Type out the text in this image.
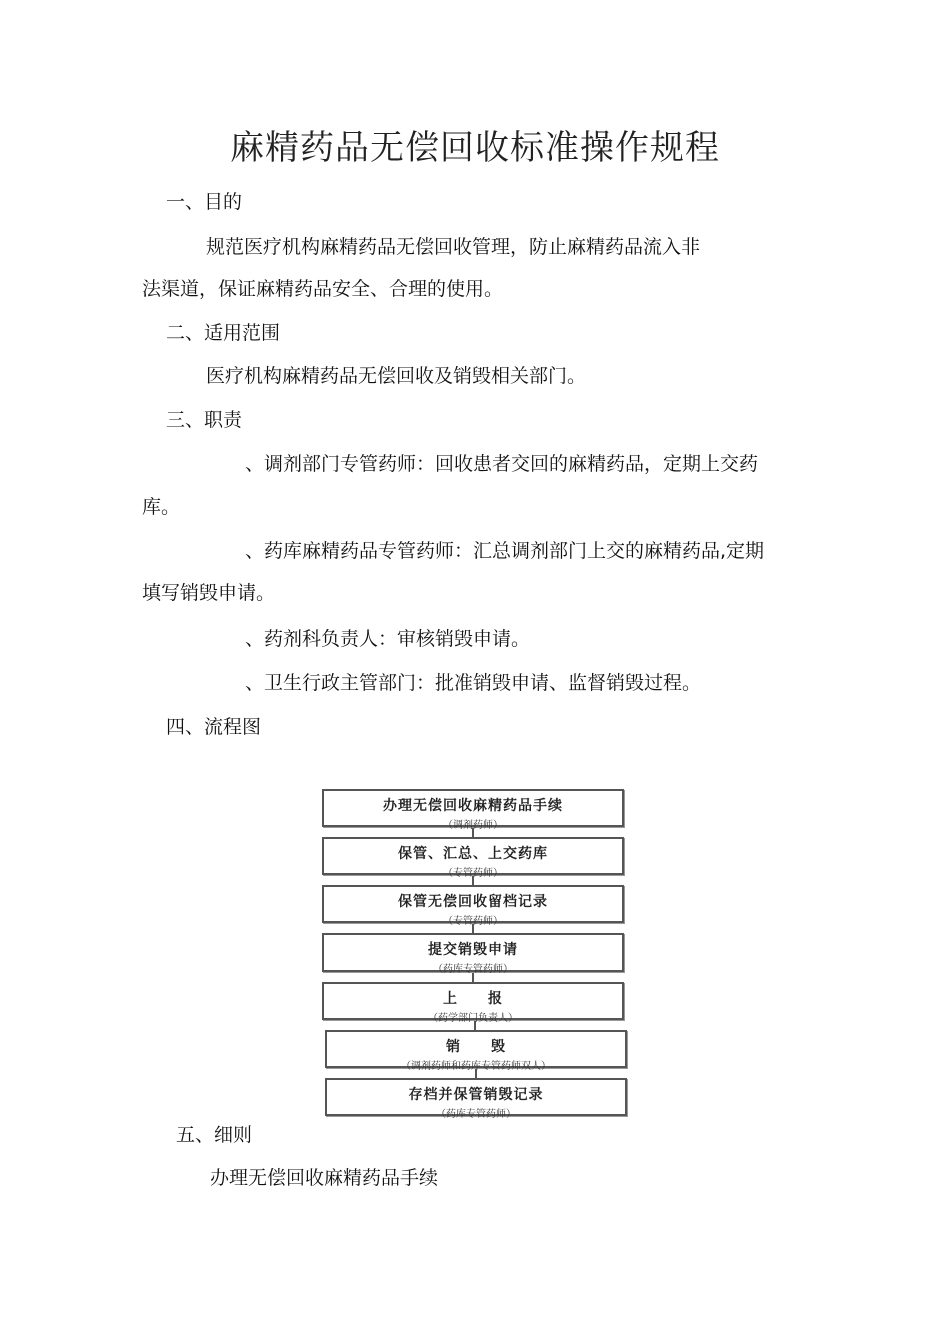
麻精药品无偿回收标准操作规程
一、目的
规范医疗机构麻精药品无偿回收管理，防止麻精药品流入非
法渠道，保证麻精药品安全、合理的使用。
二、适用范围
医疗机构麻精药品无偿回收及销毁相关部门。
三、职责
、调剂部门专管药师：回收患者交回的麻精药品，定期上交药
库。
、药库麻精药品专管药师：汇总调剂部门上交的麻精药品,定期
填写销毁申请。
、药剂科负责人：审核销毁申请。
、卫生行政主管部门：批准销毁申请、监督销毁过程。
四、流程图
办理无偿回收麻精药品手续
（调剂药师）
保管、汇总、上交药库
（专管药师）
保管无偿回收留档记录
（专管药师）
提交销毁申请
（药库专管药师）
上　　报
（药学部门负责人）
销　　毁
（调剂药师和药库专管药师双人）
存档并保管销毁记录
（药库专管药师）
五、细则
办理无偿回收麻精药品手续
